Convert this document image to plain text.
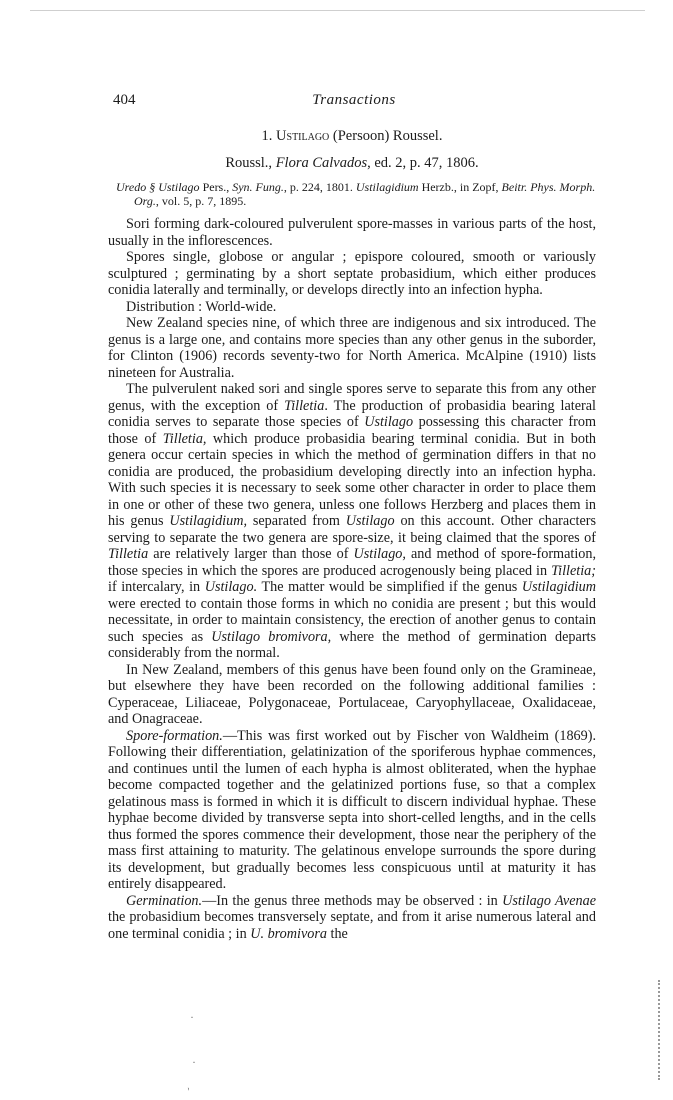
404	Transactions
1. Ustilago (Persoon) Roussel.
Roussl., Flora Calvados, ed. 2, p. 47, 1806.
Uredo § Ustilago Pers., Syn. Fung., p. 224, 1801. Ustilagidium Herzb., in Zopf, Beitr. Phys. Morph. Org., vol. 5, p. 7, 1895.

Sori forming dark-coloured pulverulent spore-masses in various parts of the host, usually in the inflorescences.

Spores single, globose or angular ; epispore coloured, smooth or variously sculptured ; germinating by a short septate probasidium, which either produces conidia laterally and terminally, or develops directly into an infection hypha.

Distribution : World-wide.

New Zealand species nine, of which three are indigenous and six introduced. The genus is a large one, and contains more species than any other genus in the suborder, for Clinton (1906) records seventy-two for North America. McAlpine (1910) lists nineteen for Australia.

The pulverulent naked sori and single spores serve to separate this from any other genus, with the exception of Tilletia. The production of probasidia bearing lateral conidia serves to separate those species of Ustilago possessing this character from those of Tilletia, which produce probasidia bearing terminal conidia. But in both genera occur certain species in which the method of germination differs in that no conidia are produced, the probasidium developing directly into an infection hypha. With such species it is necessary to seek some other character in order to place them in one or other of these two genera, unless one follows Herzberg and places them in his genus Ustilagidium, separated from Ustilago on this account. Other characters serving to separate the two genera are spore-size, it being claimed that the spores of Tilletia are relatively larger than those of Ustilago, and method of spore-formation, those species in which the spores are produced acrogenously being placed in Tilletia; if intercalary, in Ustilago. The matter would be simplified if the genus Ustilagidium were erected to contain those forms in which no conidia are present ; but this would necessitate, in order to maintain consistency, the erection of another genus to contain such species as Ustilago bromivora, where the method of germination departs considerably from the normal.

In New Zealand, members of this genus have been found only on the Gramineae, but elsewhere they have been recorded on the following additional families : Cyperaceae, Liliaceae, Polygonaceae, Portulaceae, Caryophyllaceae, Oxalidaceae, and Onagraceae.

Spore-formation.—This was first worked out by Fischer von Waldheim (1869). Following their differentiation, gelatinization of the sporiferous hyphae commences, and continues until the lumen of each hypha is almost obliterated, when the hyphae become compacted together and the gelatinized portions fuse, so that a complex gelatinous mass is formed in which it is difficult to discern individual hyphae. These hyphae become divided by transverse septa into short-celled lengths, and in the cells thus formed the spores commence their development, those near the periphery of the mass first attaining to maturity. The gelatinous envelope surrounds the spore during its development, but gradually becomes less conspicuous until at maturity it has entirely disappeared.

Germination.—In the genus three methods may be observed : in Ustilago Avenae the probasidium becomes transversely septate, and from it arise numerous lateral and one terminal conidia ; in U. bromivora the

·
·
ˎ
